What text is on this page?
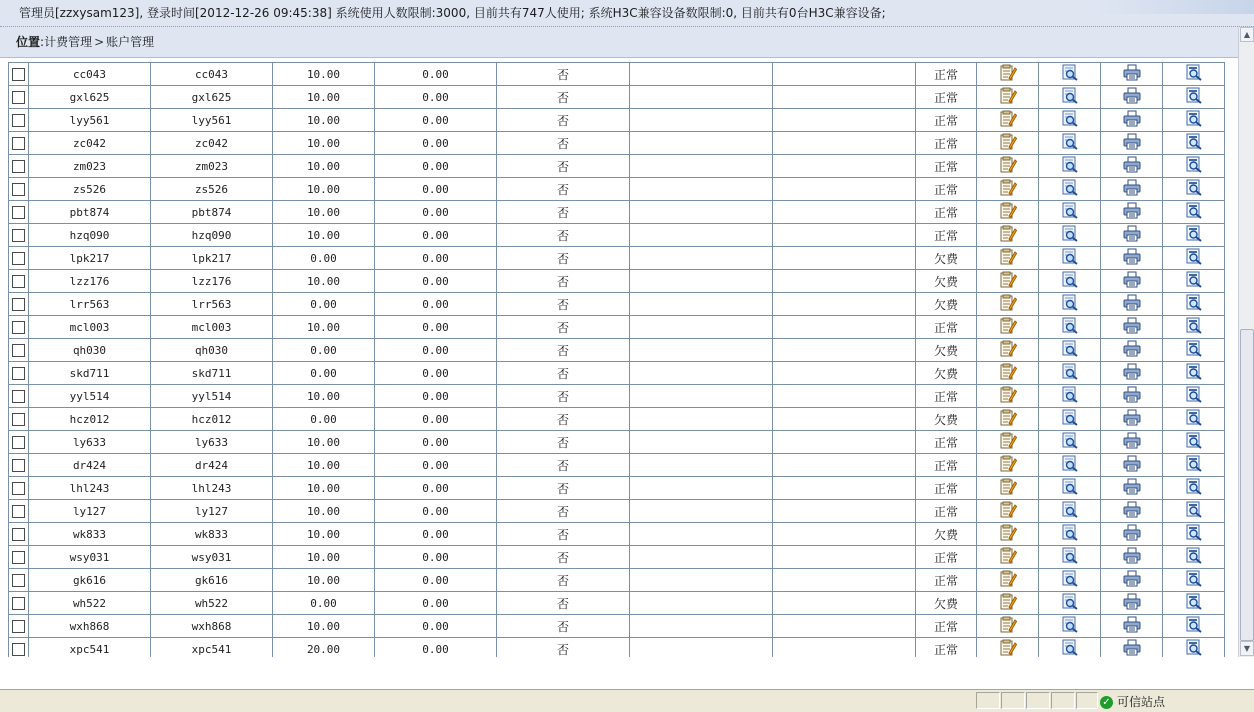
管理员[zzxysam123], 登录时间[2012-12-26 09:45:38] 系统使用人数限制:3000, 目前共有747人使用; 系统H3C兼容设备数限制:0, 目前共有0台H3C兼容设备;
位置:计费管理 > 账户管理
	cc043	cc043	10.00	0.00	否			正常				
	gxl625	gxl625	10.00	0.00	否			正常				
	lyy561	lyy561	10.00	0.00	否			正常				
	zc042	zc042	10.00	0.00	否			正常				
	zm023	zm023	10.00	0.00	否			正常				
	zs526	zs526	10.00	0.00	否			正常				
	pbt874	pbt874	10.00	0.00	否			正常				
	hzq090	hzq090	10.00	0.00	否			正常				
	lpk217	lpk217	0.00	0.00	否			欠费				
	lzz176	lzz176	10.00	0.00	否			欠费				
	lrr563	lrr563	0.00	0.00	否			欠费				
	mcl003	mcl003	10.00	0.00	否			正常				
	qh030	qh030	0.00	0.00	否			欠费				
	skd711	skd711	0.00	0.00	否			欠费				
	yyl514	yyl514	10.00	0.00	否			正常				
	hcz012	hcz012	0.00	0.00	否			欠费				
	ly633	ly633	10.00	0.00	否			正常				
	dr424	dr424	10.00	0.00	否			正常				
	lhl243	lhl243	10.00	0.00	否			正常				
	ly127	ly127	10.00	0.00	否			正常				
	wk833	wk833	10.00	0.00	否			欠费				
	wsy031	wsy031	10.00	0.00	否			正常				
	gk616	gk616	10.00	0.00	否			正常				
	wh522	wh522	0.00	0.00	否			欠费				
	wxh868	wxh868	10.00	0.00	否			正常				
	xpc541	xpc541	20.00	0.00	否			正常				
▲
▼
✓ 可信站点
